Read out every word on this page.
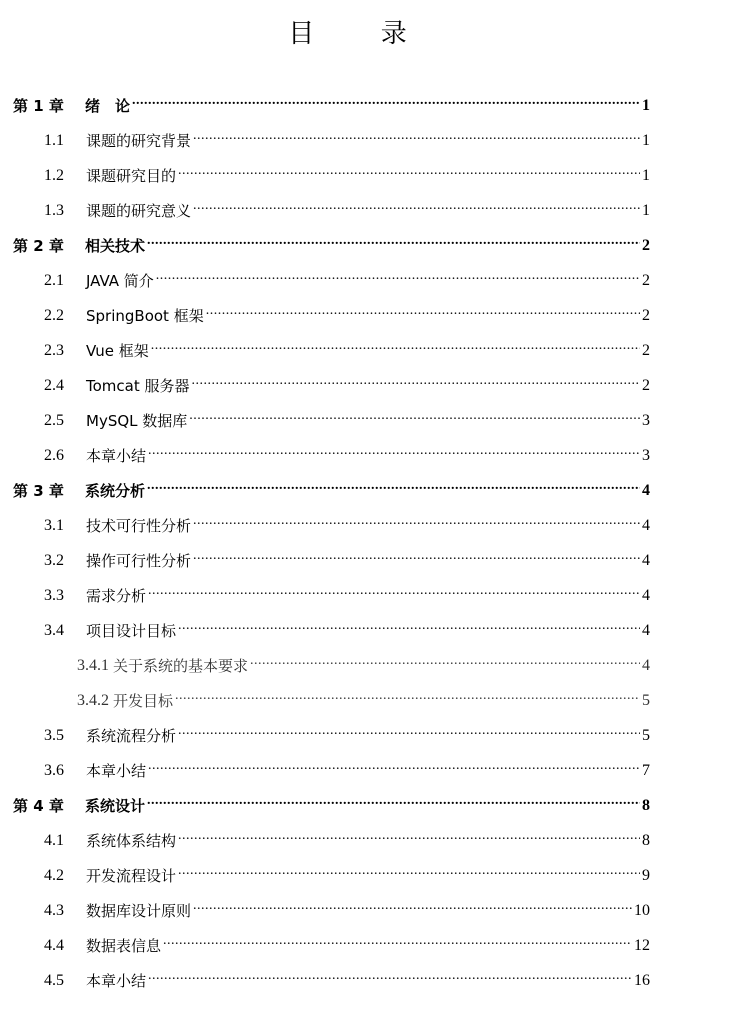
目 录
第 1 章	绪　论 .....	1
1.1	课题的研究背景 .....	1
1.2	课题研究目的 .....	1
1.3	课题的研究意义 .....	1
第 2 章	相关技术 .....	2
2.1	JAVA 简介 .....	2
2.2	SpringBoot 框架 .....	2
2.3	Vue 框架 .....	2
2.4	Tomcat 服务器 .....	2
2.5	MySQL 数据库 .....	3
2.6	本章小结 .....	3
第 3 章	系统分析 .....	4
3.1	技术可行性分析 .....	4
3.2	操作可行性分析 .....	4
3.3	需求分析 .....	4
3.4	项目设计目标 .....	4
3.4.1 关于系统的基本要求 .....	4
3.4.2 开发目标 .....	5
3.5	系统流程分析 .....	5
3.6	本章小结 .....	7
第 4 章	系统设计 .....	8
4.1	系统体系结构 .....	8
4.2	开发流程设计 .....	9
4.3	数据库设计原则 .....	10
4.4	数据表信息 .....	12
4.5	本章小结 .....	16
